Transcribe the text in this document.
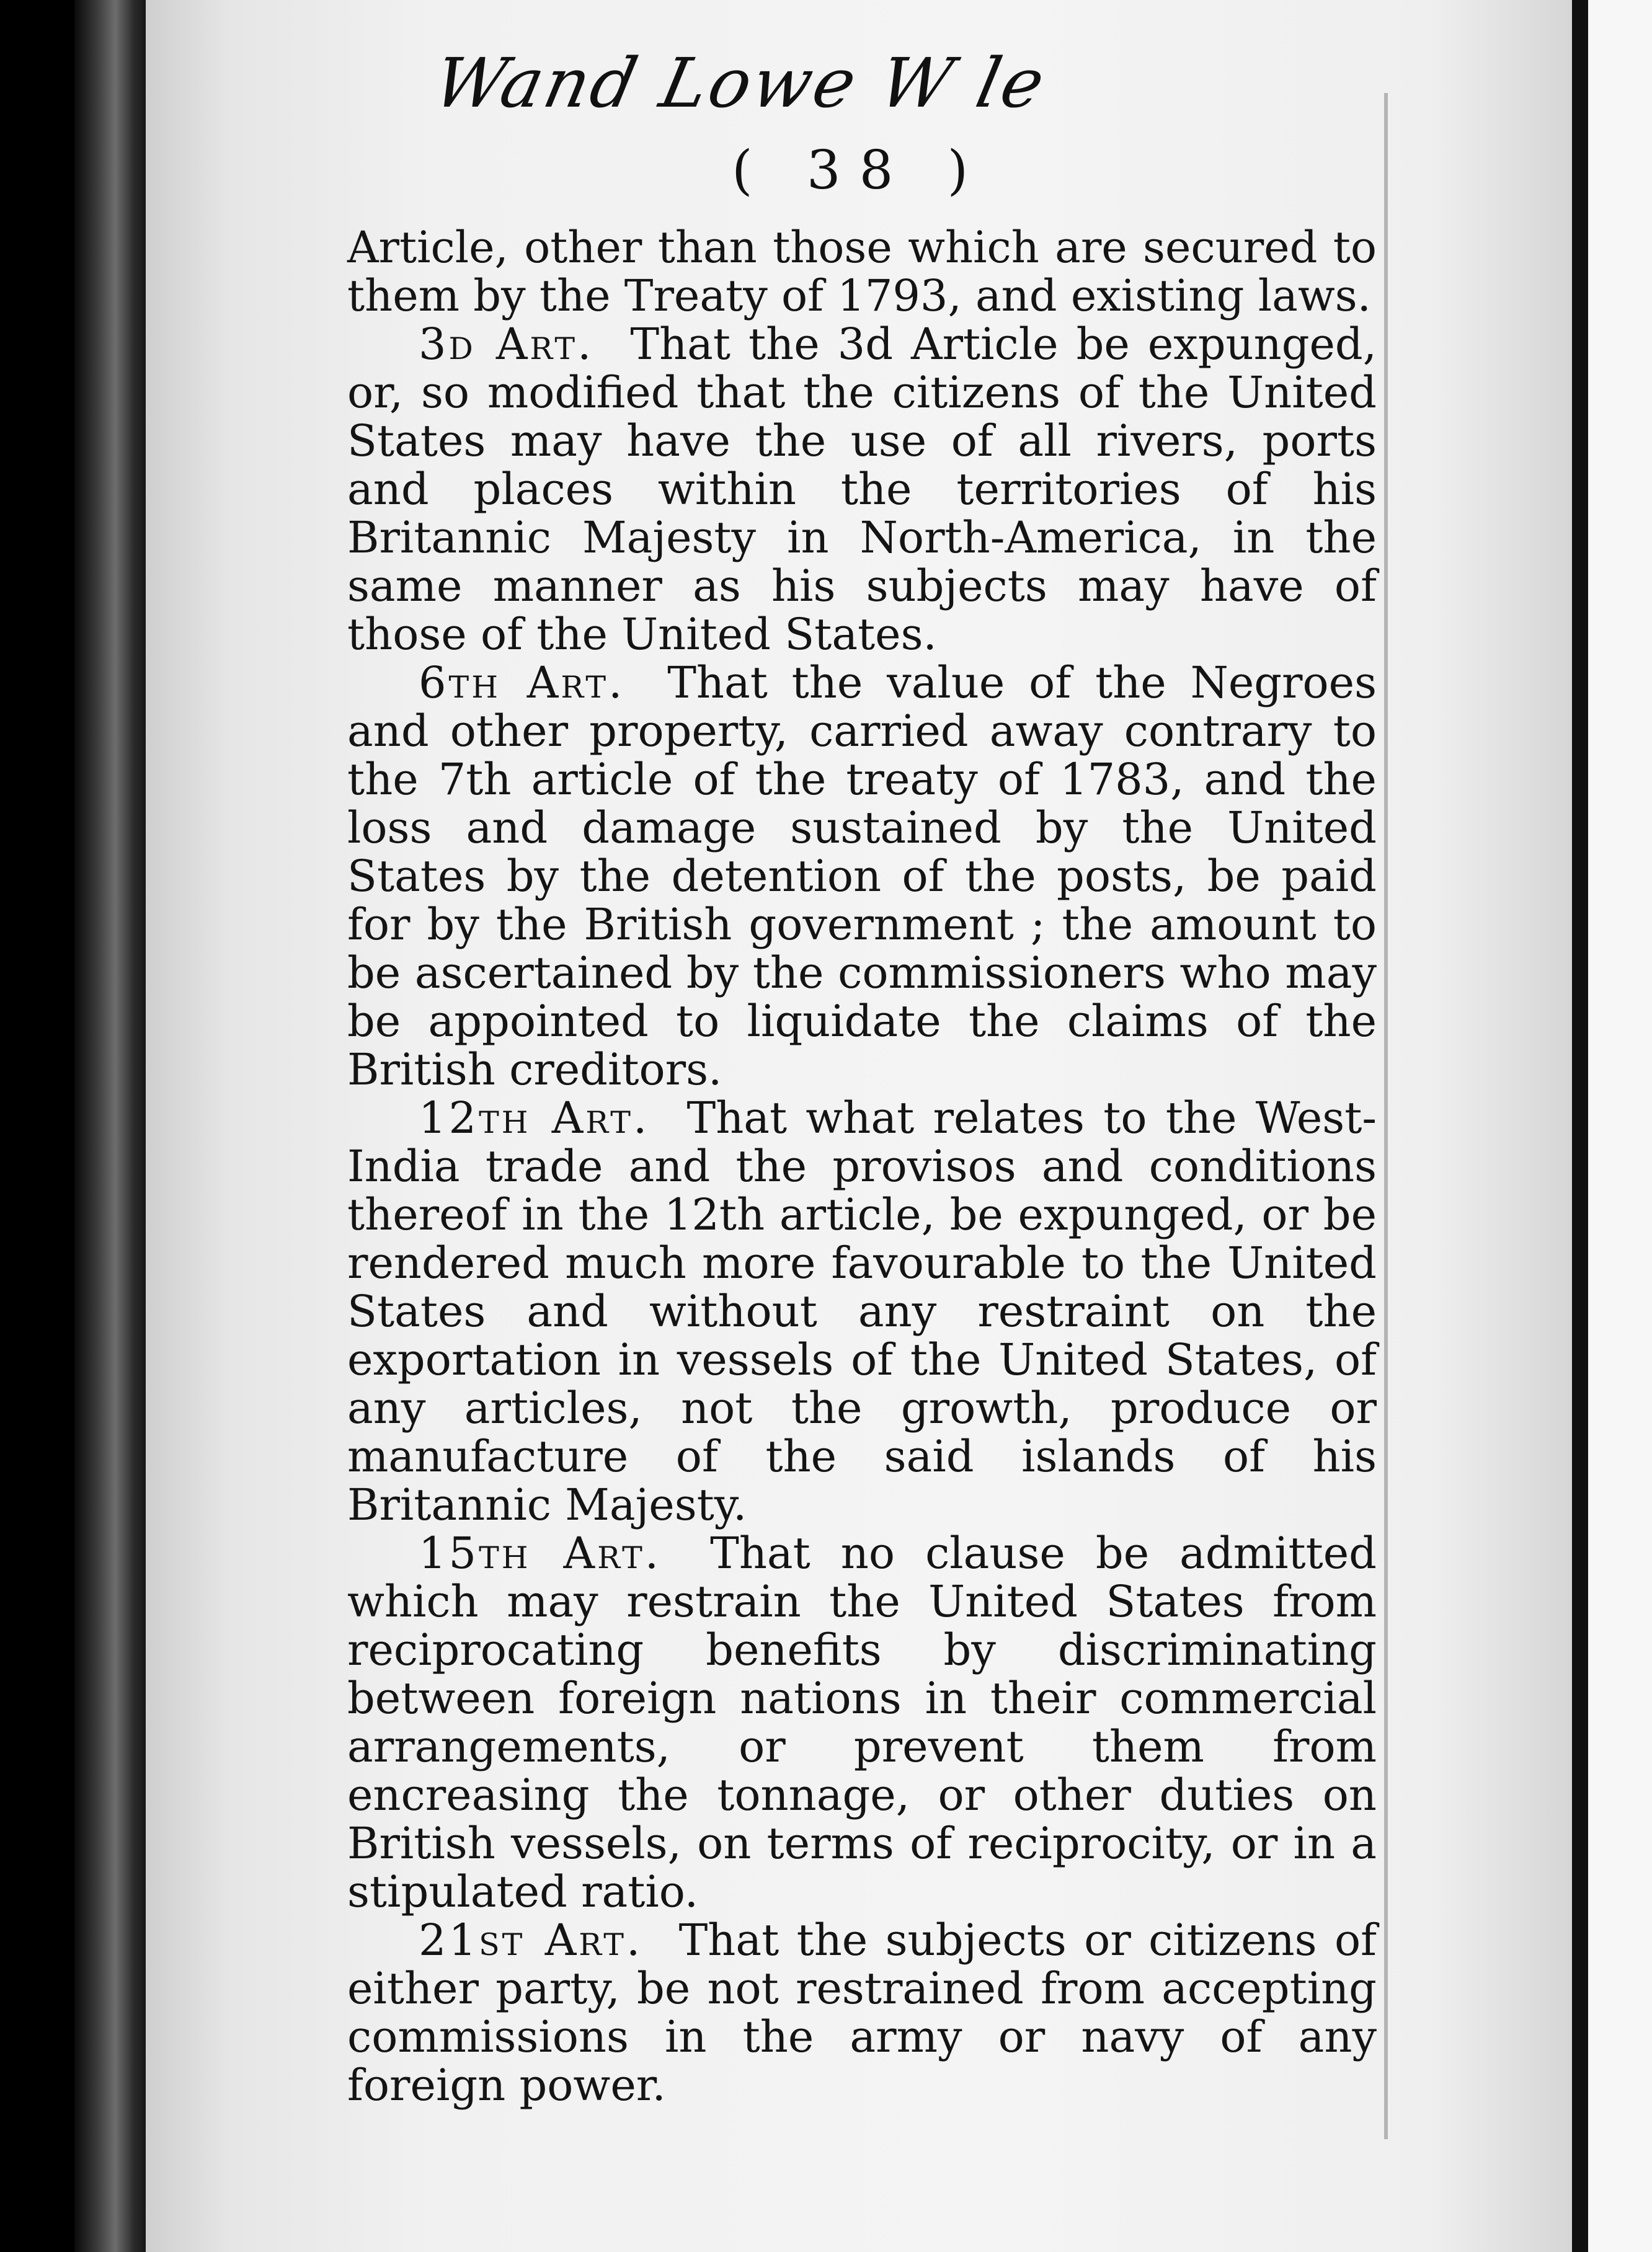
Wand Lowe W le
( 38 )

Article, other than those which are secured to them by the Treaty of 1793, and existing laws.

3d Art. That the 3d Article be expunged, or, so modified that the citizens of the United States may have the use of all rivers, ports and places within the territories of his Britannic Majesty in North-America, in the same manner as his subjects may have of those of the United States.

6th Art. That the value of the Negroes and other property, carried away contrary to the 7th article of the treaty of 1783, and the loss and damage sustained by the United States by the detention of the posts, be paid for by the British government ; the amount to be ascertained by the commissioners who may be appointed to liquidate the claims of the British creditors.

12th Art. That what relates to the West-India trade and the provisos and conditions thereof in the 12th article, be expunged, or be rendered much more favourable to the United States and without any restraint on the exportation in vessels of the United States, of any articles, not the growth, produce or manufacture of the said islands of his Britannic Majesty.

15th Art. That no clause be admitted which may restrain the United States from reciprocating benefits by discriminating between foreign nations in their commercial arrangements, or prevent them from encreasing the tonnage, or other duties on British vessels, on terms of reciprocity, or in a stipulated ratio.

21st Art. That the subjects or citizens of either party, be not restrained from accepting commissions in the army or navy of any foreign power.
